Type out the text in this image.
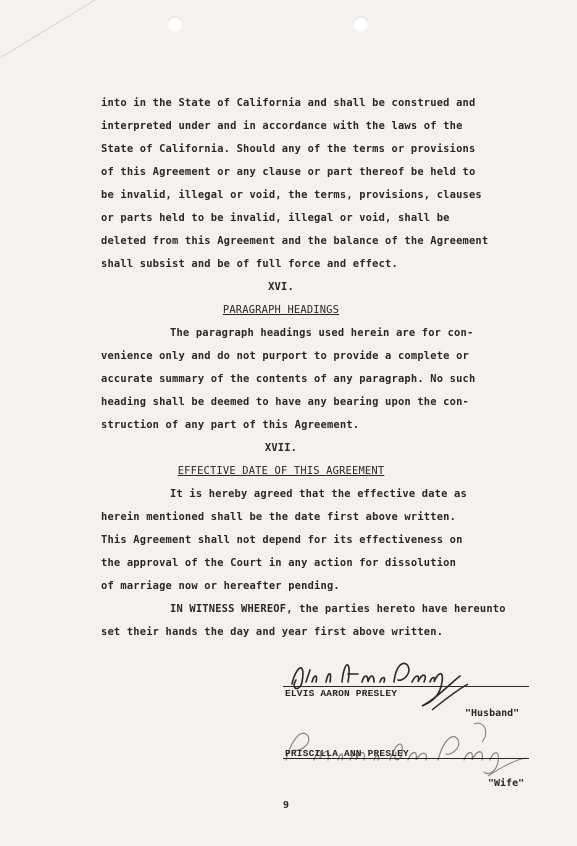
into in the State of California and shall be construed and
interpreted under and in accordance with the laws of the
State of California. Should any of the terms or provisions
of this Agreement or any clause or part thereof be held to
be invalid, illegal or void, the terms, provisions, clauses
or parts held to be invalid, illegal or void, shall be
deleted from this Agreement and the balance of the Agreement
shall subsist and be of full force and effect.
XVI.
PARAGRAPH HEADINGS
The paragraph headings used herein are for con-
venience only and do not purport to provide a complete or
accurate summary of the contents of any paragraph. No such
heading shall be deemed to have any bearing upon the con-
struction of any part of this Agreement.
XVII.
EFFECTIVE DATE OF THIS AGREEMENT
It is hereby agreed that the effective date as
herein mentioned shall be the date first above written.
This Agreement shall not depend for its effectiveness on
the approval of the Court in any action for dissolution
of marriage now or hereafter pending.
IN WITNESS WHEREOF, the parties hereto have hereunto
set their hands the day and year first above written.
ELVIS AARON PRESLEY
"Husband"
PRISCILLA ANN PRESLEY
"Wife"
9
